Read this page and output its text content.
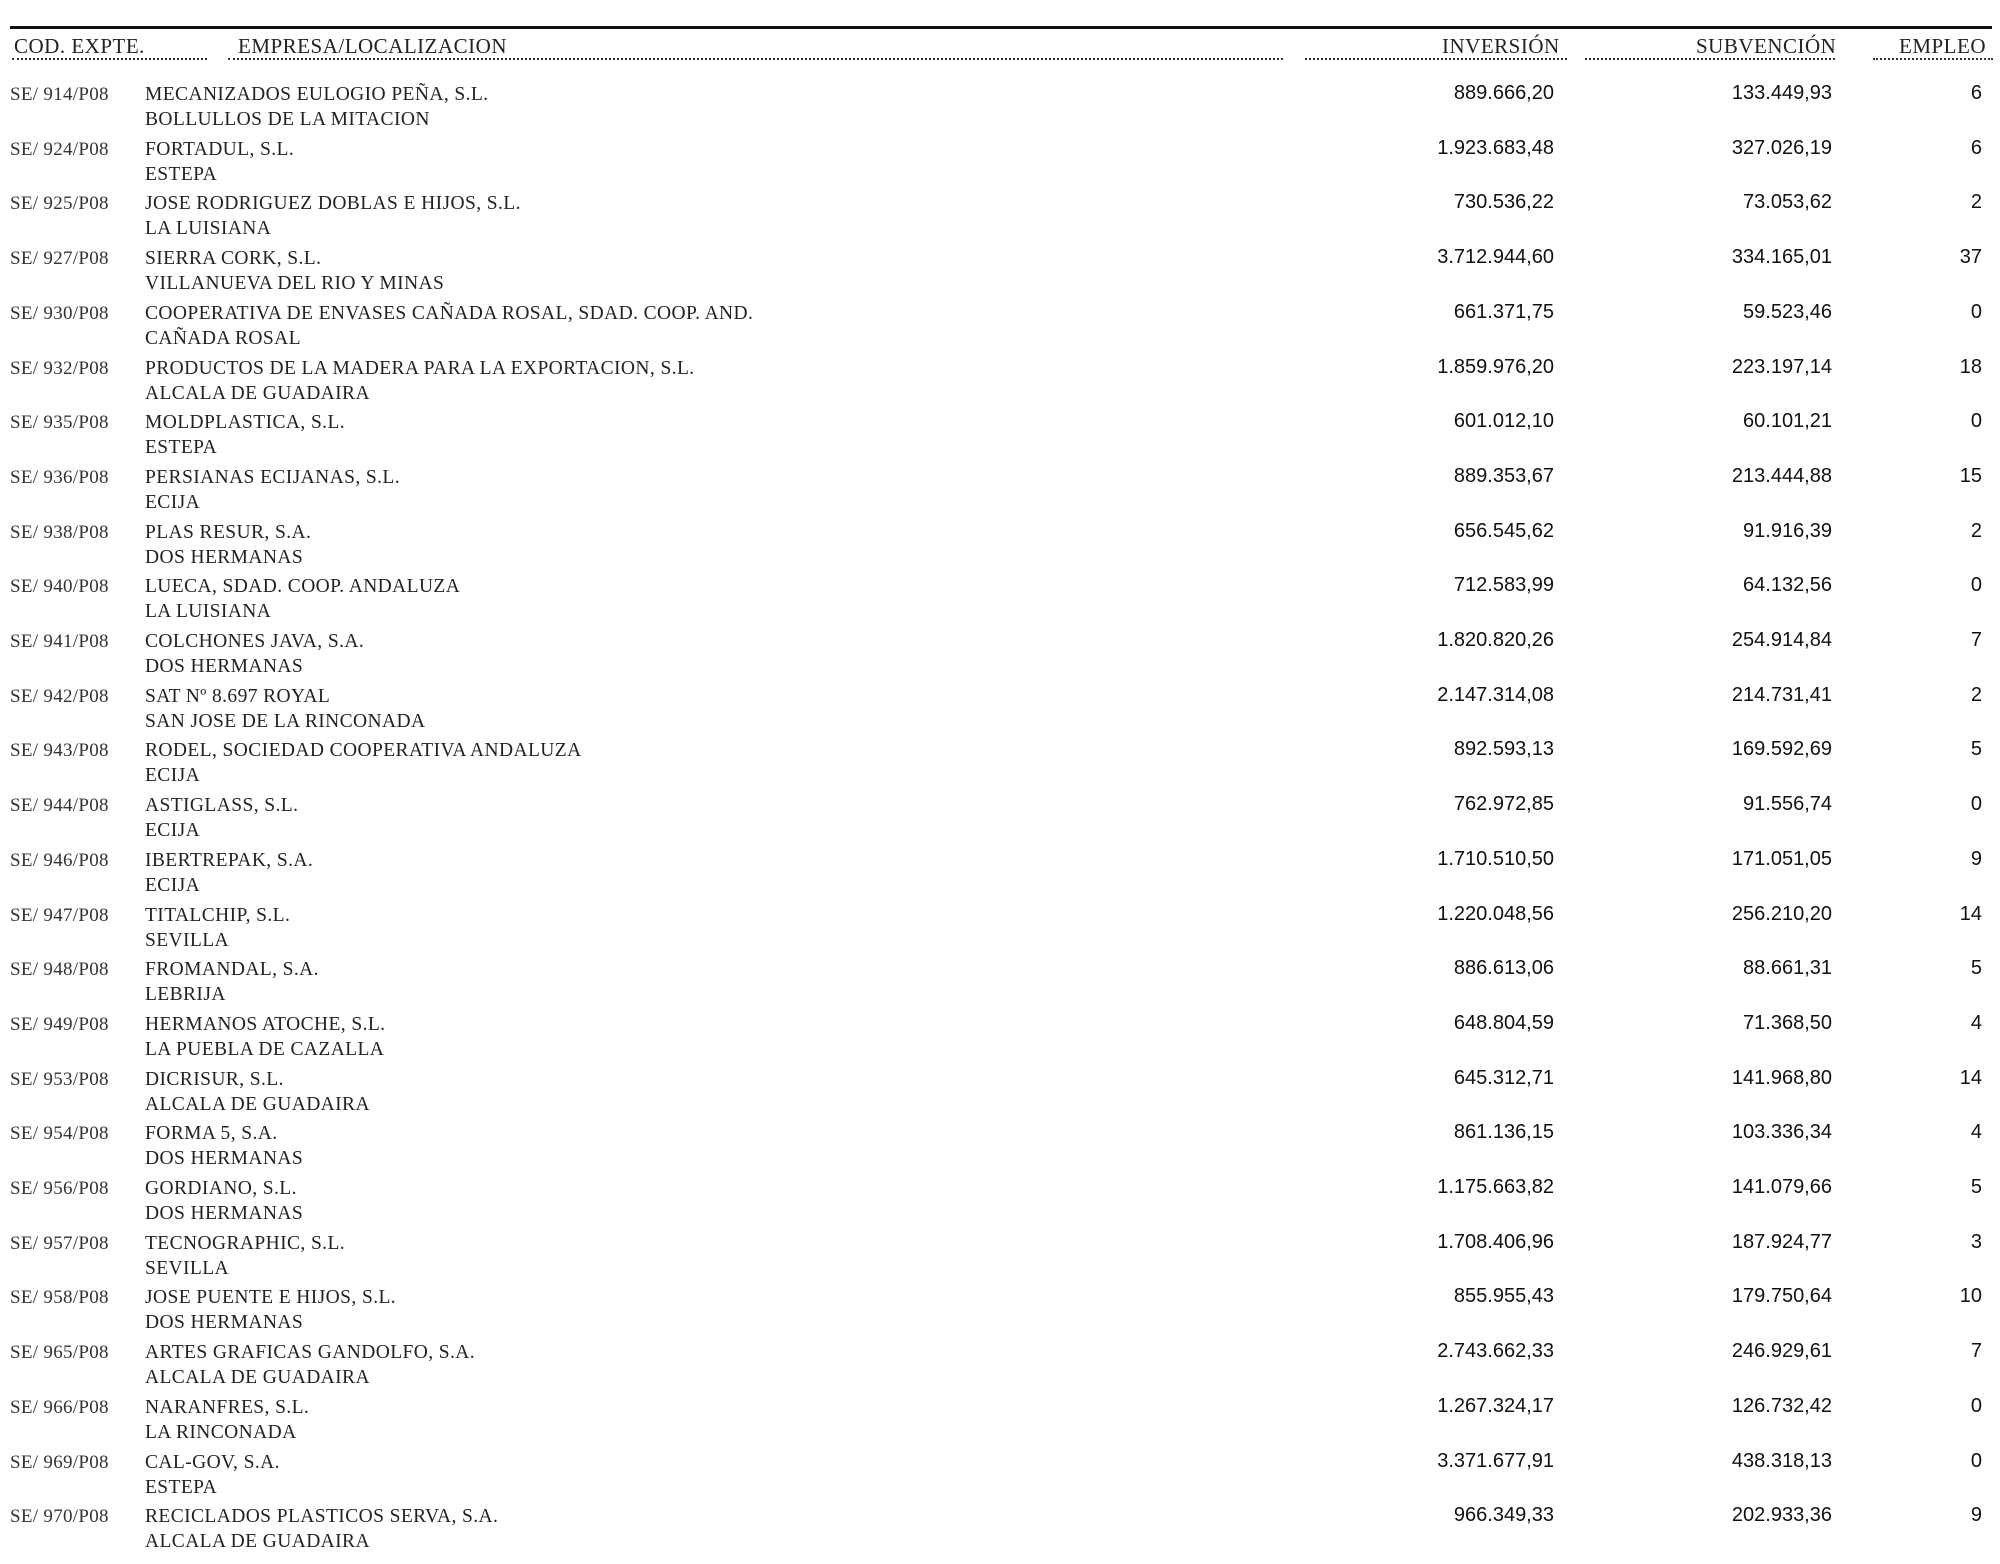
COD. EXPTE.	EMPRESA/LOCALIZACION	INVERSIÓN	SUBVENCIÓN	EMPLEO
SE/ 914/P08 MECANIZADOS EULOGIO PEÑA, S.L.
BOLLULLOS DE LA MITACION
889.666,20	133.449,93	6
SE/ 924/P08 FORTADUL, S.L.
ESTEPA
1.923.683,48	327.026,19	6
SE/ 925/P08 JOSE RODRIGUEZ DOBLAS E HIJOS, S.L.
LA LUISIANA
730.536,22	73.053,62	2
SE/ 927/P08 SIERRA CORK, S.L.
VILLANUEVA DEL RIO Y MINAS
3.712.944,60	334.165,01	37
SE/ 930/P08 COOPERATIVA DE ENVASES CAÑADA ROSAL, SDAD. COOP. AND.
CAÑADA ROSAL
661.371,75	59.523,46	0
SE/ 932/P08 PRODUCTOS DE LA MADERA PARA LA EXPORTACION, S.L.
ALCALA DE GUADAIRA
1.859.976,20	223.197,14	18
SE/ 935/P08 MOLDPLASTICA, S.L.
ESTEPA
601.012,10	60.101,21	0
SE/ 936/P08 PERSIANAS ECIJANAS, S.L.
ECIJA
889.353,67	213.444,88	15
SE/ 938/P08 PLAS RESUR, S.A.
DOS HERMANAS
656.545,62	91.916,39	2
SE/ 940/P08 LUECA, SDAD. COOP. ANDALUZA
LA LUISIANA
712.583,99	64.132,56	0
SE/ 941/P08 COLCHONES JAVA, S.A.
DOS HERMANAS
1.820.820,26	254.914,84	7
SE/ 942/P08 SAT Nº 8.697 ROYAL
SAN JOSE DE LA RINCONADA
2.147.314,08	214.731,41	2
SE/ 943/P08 RODEL, SOCIEDAD COOPERATIVA ANDALUZA
ECIJA
892.593,13	169.592,69	5
SE/ 944/P08 ASTIGLASS, S.L.
ECIJA
762.972,85	91.556,74	0
SE/ 946/P08 IBERTREPAK, S.A.
ECIJA
1.710.510,50	171.051,05	9
SE/ 947/P08 TITALCHIP, S.L.
SEVILLA
1.220.048,56	256.210,20	14
SE/ 948/P08 FROMANDAL, S.A.
LEBRIJA
886.613,06	88.661,31	5
SE/ 949/P08 HERMANOS ATOCHE, S.L.
LA PUEBLA DE CAZALLA
648.804,59	71.368,50	4
SE/ 953/P08 DICRISUR, S.L.
ALCALA DE GUADAIRA
645.312,71	141.968,80	14
SE/ 954/P08 FORMA 5, S.A.
DOS HERMANAS
861.136,15	103.336,34	4
SE/ 956/P08 GORDIANO, S.L.
DOS HERMANAS
1.175.663,82	141.079,66	5
SE/ 957/P08 TECNOGRAPHIC, S.L.
SEVILLA
1.708.406,96	187.924,77	3
SE/ 958/P08 JOSE PUENTE E HIJOS, S.L.
DOS HERMANAS
855.955,43	179.750,64	10
SE/ 965/P08 ARTES GRAFICAS GANDOLFO, S.A.
ALCALA DE GUADAIRA
2.743.662,33	246.929,61	7
SE/ 966/P08 NARANFRES, S.L.
LA RINCONADA
1.267.324,17	126.732,42	0
SE/ 969/P08 CAL-GOV, S.A.
ESTEPA
3.371.677,91	438.318,13	0
SE/ 970/P08 RECICLADOS PLASTICOS SERVA, S.A.
ALCALA DE GUADAIRA
966.349,33	202.933,36	9
